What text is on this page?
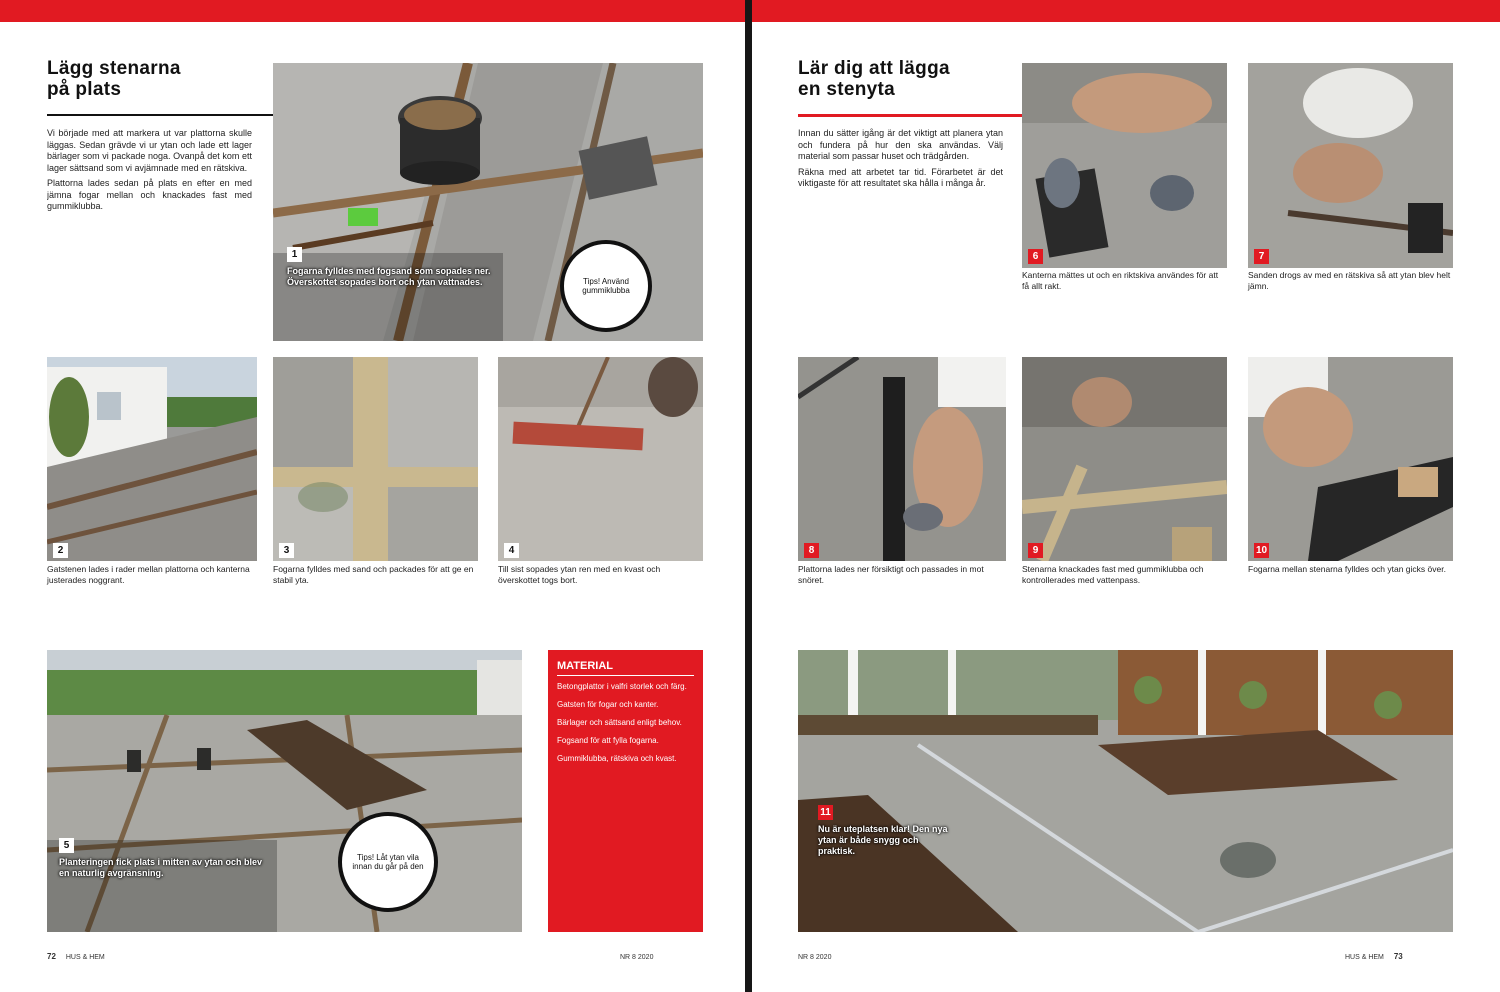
Lägg stenarna
på plats

Vi började med att markera ut var plattorna skulle läggas. Sedan grävde vi ur ytan och lade ett lager bärlager som vi packade noga. Ovanpå det kom ett lager sättsand som vi avjämnade med en rätskiva.

Plattorna lades sedan på plats en efter en med jämna fogar mellan och knackades fast med gummiklubba.

1
Fogarna fylldes med fogsand som sopades ner. Överskottet sopades bort och ytan vattnades.	Tips! Använd gummiklubba
2
Gatstenen lades i rader mellan plattorna och kanterna justerades noggrant.
3
Fogarna fylldes med sand och packades för att ge en stabil yta.
4
Till sist sopades ytan ren med en kvast och överskottet togs bort.
5
Planteringen fick plats i mitten av ytan och blev en naturlig avgränsning.
Tips! Låt ytan vila innan du går på den
MATERIAL
Betongplattor i valfri storlek och färg.
Gatsten för fogar och kanter.
Bärlager och sättsand enligt behov.
Fogsand för att fylla fogarna.
Gummiklubba, rätskiva och kvast.
72 HUS & HEM	NR 8 2020
Lär dig att lägga
en stenyta

Innan du sätter igång är det viktigt att planera ytan och fundera på hur den ska användas. Välj material som passar huset och trädgården.

Räkna med att arbetet tar tid. Förarbetet är det viktigaste för att resultatet ska hålla i många år.

6
Kanterna mättes ut och en riktskiva användes för att få allt rakt.
7
Sanden drogs av med en rätskiva så att ytan blev helt jämn.
8
Plattorna lades ner försiktigt och passades in mot snöret.
9
Stenarna knackades fast med gummiklubba och kontrollerades med vattenpass.
10
Fogarna mellan stenarna fylldes och ytan gicks över.
11
Nu är uteplatsen klar! Den nya ytan är både snygg och praktisk.
NR 8 2020	HUS & HEM 73
